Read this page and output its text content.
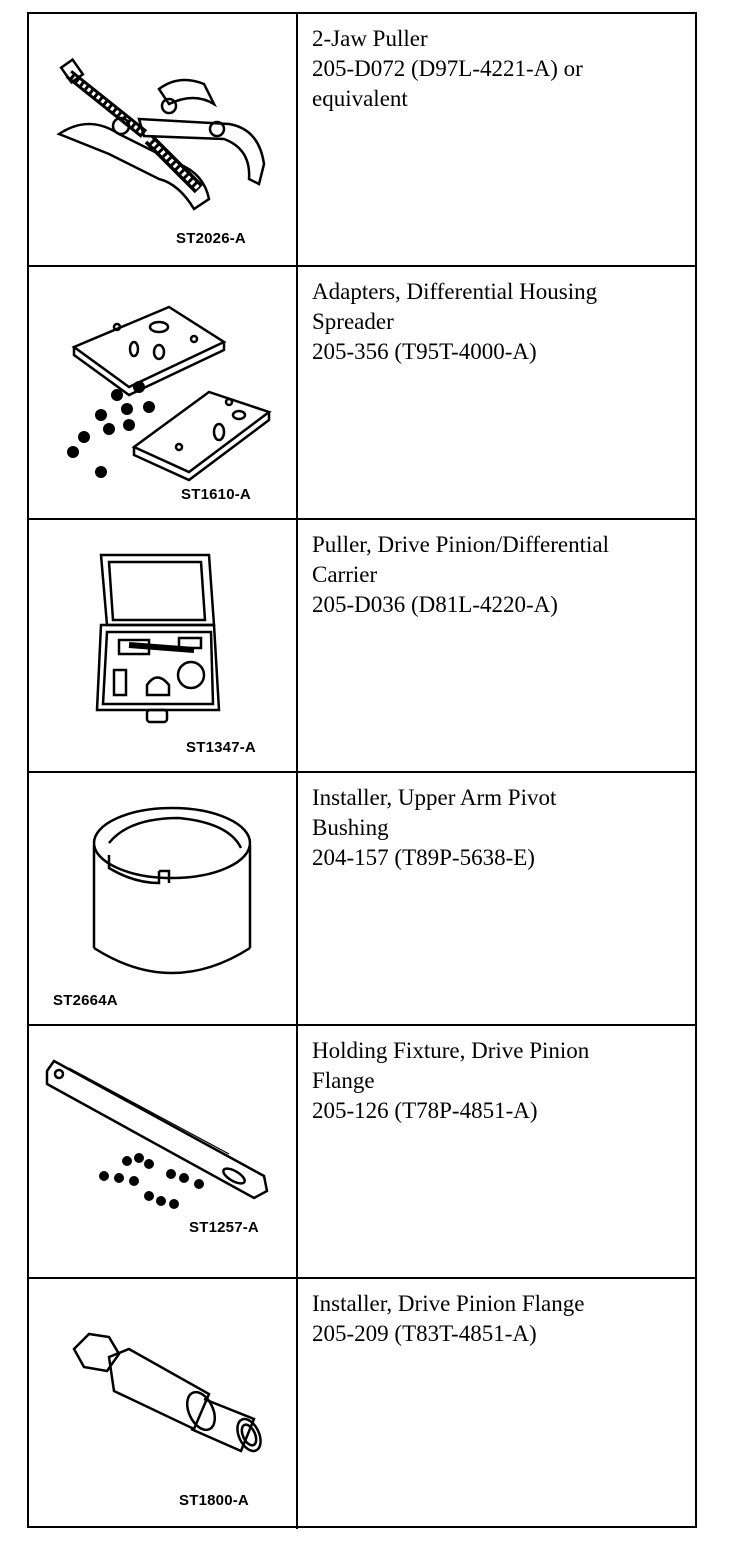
ST2026-A
2-Jaw Puller
205-D072 (D97L-4221-A) or
equivalent
ST1610-A
Adapters, Differential Housing
Spreader
205-356 (T95T-4000-A)
ST1347-A
Puller, Drive Pinion/Differential
Carrier
205-D036 (D81L-4220-A)
ST2664A
Installer, Upper Arm Pivot
Bushing
204-157 (T89P-5638-E)
ST1257-A
Holding Fixture, Drive Pinion
Flange
205-126 (T78P-4851-A)
ST1800-A
Installer, Drive Pinion Flange
205-209 (T83T-4851-A)
